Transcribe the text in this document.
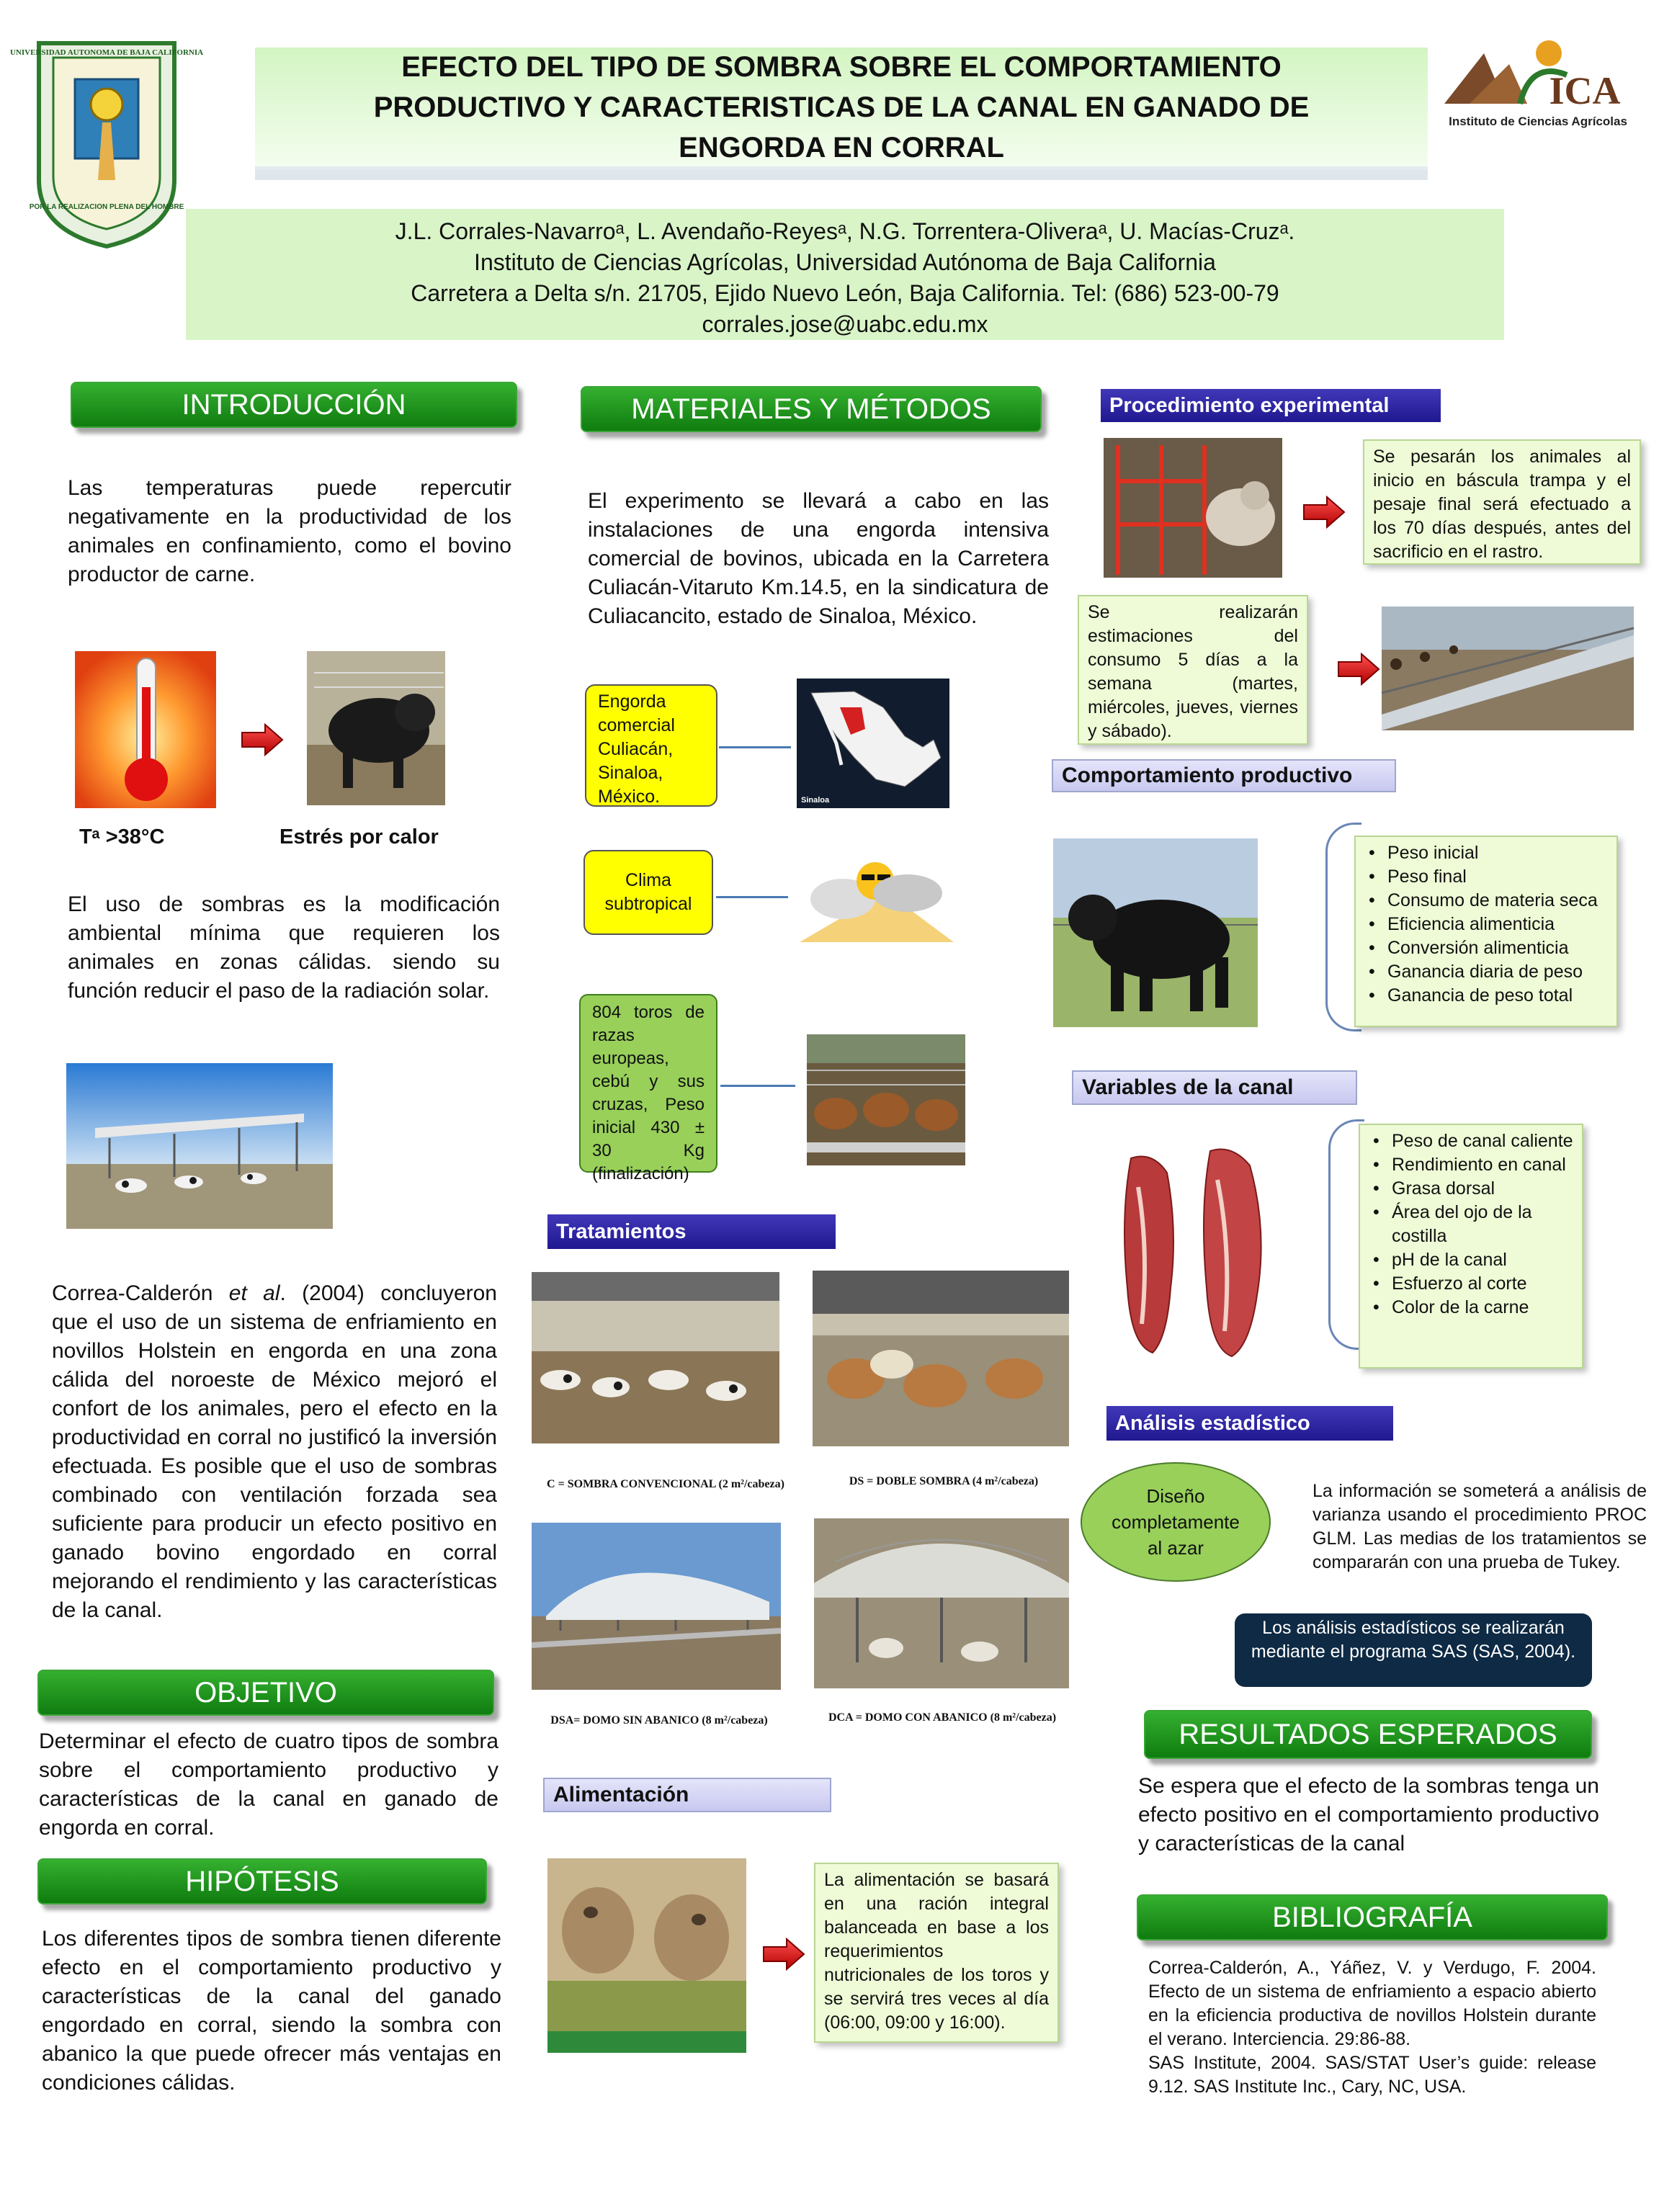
UNIVERSIDAD AUTONOMA DE BAJA CALIFORNIA
POR LA REALIZACION PLENA DEL HOMBRE
EFECTO DEL TIPO DE SOMBRA SOBRE EL COMPORTAMIENTO
PRODUCTIVO Y CARACTERISTICAS DE LA CANAL EN GANADO DE
ENGORDA EN CORRAL
ICA
Instituto de Ciencias Agrícolas
J.L. Corrales-Navarroᵃ, L. Avendaño-Reyesᵃ, N.G. Torrentera-Oliveraᵃ, U. Macías-Cruzᵃ.
Instituto de Ciencias Agrícolas, Universidad Autónoma de Baja California
Carretera a Delta s/n. 21705, Ejido Nuevo León, Baja California. Tel: (686) 523-00-79
corrales.jose@uabc.edu.mx
INTRODUCCIÓN
Las temperaturas puede repercutir negativamente en la productividad de los animales en confinamiento, como el bovino productor de carne.
Tᵃ >38°C	Estrés por calor
El uso de sombras es la modificación ambiental mínima que requieren los animales en zonas cálidas. siendo su función reducir el paso de la radiación solar.
Correa-Calderón et al. (2004) concluyeron que el uso de un sistema de enfriamiento en novillos Holstein en engorda en una zona cálida del noroeste de México mejoró el confort de los animales, pero el efecto en la productividad en corral no justificó la inversión efectuada. Es posible que el uso de sombras combinado con ventilación forzada sea suficiente para producir un efecto positivo en ganado bovino engordado en corral mejorando el rendimiento y las características de la canal.
OBJETIVO
Determinar el efecto de cuatro tipos de sombra sobre el comportamiento productivo y características de la canal en ganado de engorda en corral.
HIPÓTESIS
Los diferentes tipos de sombra tienen diferente efecto en el comportamiento productivo y características de la canal del ganado engordado en corral, siendo la sombra con abanico la que puede ofrecer más ventajas en condiciones cálidas.
MATERIALES Y MÉTODOS
El experimento se llevará a cabo en las instalaciones de una engorda intensiva comercial de bovinos, ubicada en la Carretera Culiacán-Vitaruto Km.14.5, en la sindicatura de Culiacancito, estado de Sinaloa, México.
Engorda comercial Culiacán, Sinaloa, México.	Sinaloa
Clima subtropical
804 toros de razas europeas, cebú y sus cruzas, Peso inicial 430 ± 30 Kg (finalización)
Tratamientos
C = SOMBRA CONVENCIONAL (2 m²/cabeza)	DS = DOBLE SOMBRA (4 m²/cabeza)
DSA= DOMO SIN ABANICO (8 m²/cabeza)	DCA = DOMO CON ABANICO (8 m²/cabeza)
Alimentación
La alimentación se basará en una ración integral balanceada en base a los requerimientos nutricionales de los toros y se servirá tres veces al día (06:00, 09:00 y 16:00).
Procedimiento experimental
Se pesarán los animales al inicio en báscula trampa y el pesaje final será efectuado a los 70 días después, antes del sacrificio en el rastro.
Se realizarán estimaciones del consumo 5 días a la semana (martes, miércoles, jueves, viernes y sábado).
Comportamiento productivo
• Peso inicial
• Peso final
• Consumo de materia seca
• Eficiencia alimenticia
• Conversión alimenticia
• Ganancia diaria de peso
• Ganancia de peso total
Variables de la canal
• Peso de canal caliente
• Rendimiento en canal
• Grasa dorsal
• Área del ojo de la costilla
• pH de la canal
• Esfuerzo al corte
• Color de la carne
Análisis estadístico
Diseño completamente al azar
La información se someterá a análisis de varianza usando el procedimiento PROC GLM. Las medias de los tratamientos se compararán con una prueba de Tukey.
Los análisis estadísticos se realizarán mediante el programa SAS (SAS, 2004).
RESULTADOS ESPERADOS
Se espera que el efecto de la sombras tenga un efecto positivo en el comportamiento productivo y características de la canal
BIBLIOGRAFÍA
Correa-Calderón, A., Yáñez, V. y Verdugo, F. 2004. Efecto de un sistema de enfriamiento a espacio abierto en la eficiencia productiva de novillos Holstein durante el verano. Interciencia. 29:86-88.
SAS Institute, 2004. SAS/STAT User’s guide: release 9.12. SAS Institute Inc., Cary, NC, USA.
